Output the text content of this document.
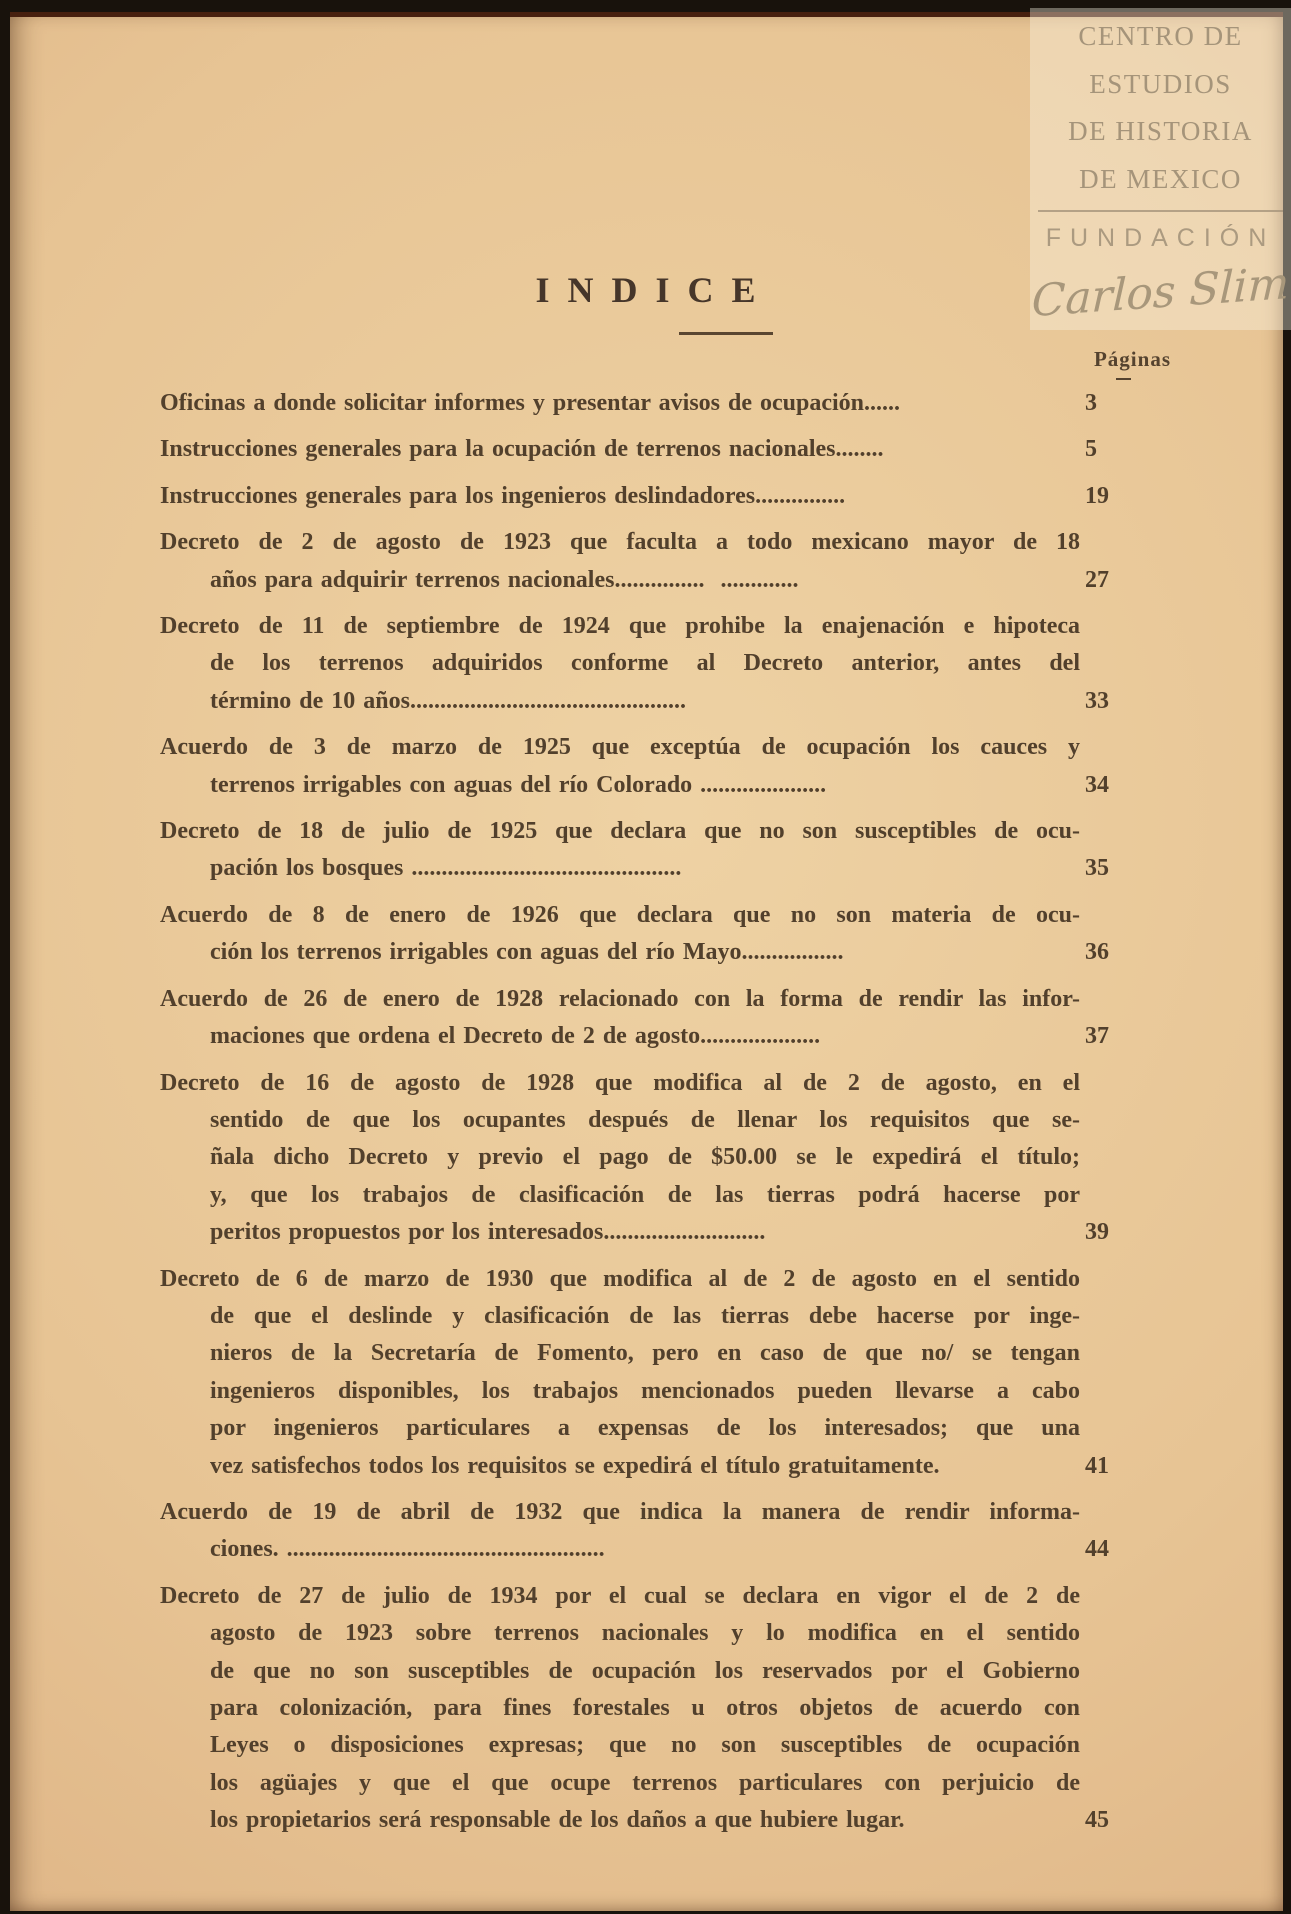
INDICE
Páginas
Oficinas a donde solicitar informes y presentar avisos de ocupación......	3
Instrucciones generales para la ocupación de terrenos nacionales........	5
Instrucciones generales para los ingenieros deslindadores...............	19
Decreto de 2 de agosto de 1923 que faculta a todo mexicano mayor de 18
años para adquirir terrenos nacionales...............  .............	27
Decreto de 11 de septiembre de 1924 que prohibe la enajenación e hipoteca
de los terrenos adquiridos conforme al Decreto anterior, antes del
término de 10 años..............................................	33
Acuerdo de 3 de marzo de 1925 que exceptúa de ocupación los cauces y
terrenos irrigables con aguas del río Colorado .....................	34
Decreto de 18 de julio de 1925 que declara que no son susceptibles de ocu-
pación los bosques .............................................	35
Acuerdo de 8 de enero de 1926 que declara que no son materia de ocu-
ción los terrenos irrigables con aguas del río Mayo.................	36
Acuerdo de 26 de enero de 1928 relacionado con la forma de rendir las infor-
maciones que ordena el Decreto de 2 de agosto....................	37
Decreto de 16 de agosto de 1928 que modifica al de 2 de agosto, en el
sentido de que los ocupantes después de llenar los requisitos que se-
ñala dicho Decreto y previo el pago de $50.00 se le expedirá el título;
y, que los trabajos de clasificación de las tierras podrá hacerse por
peritos propuestos por los interesados...........................	39
Decreto de 6 de marzo de 1930 que modifica al de 2 de agosto en el sentido
de que el deslinde y clasificación de las tierras debe hacerse por inge-
nieros de la Secretaría de Fomento, pero en caso de que no/ se tengan
ingenieros disponibles, los trabajos mencionados pueden llevarse a cabo
por ingenieros particulares a expensas de los interesados; que una
vez satisfechos todos los requisitos se expedirá el título gratuitamente.	41
Acuerdo de 19 de abril de 1932 que indica la manera de rendir informa-
ciones. .....................................................	44
Decreto de 27 de julio de 1934 por el cual se declara en vigor el de 2 de
agosto de 1923 sobre terrenos nacionales y lo modifica en el sentido
de que no son susceptibles de ocupación los reservados por el Gobierno
para colonización, para fines forestales u otros objetos de acuerdo con
Leyes o disposiciones expresas; que no son susceptibles de ocupación
los agüajes y que el que ocupe terrenos particulares con perjuicio de
los propietarios será responsable de los daños a que hubiere lugar.	45
CENTRO DE
ESTUDIOS
DE HISTORIA
DE MEXICO
FUNDACIÓN
Carlos Slim
